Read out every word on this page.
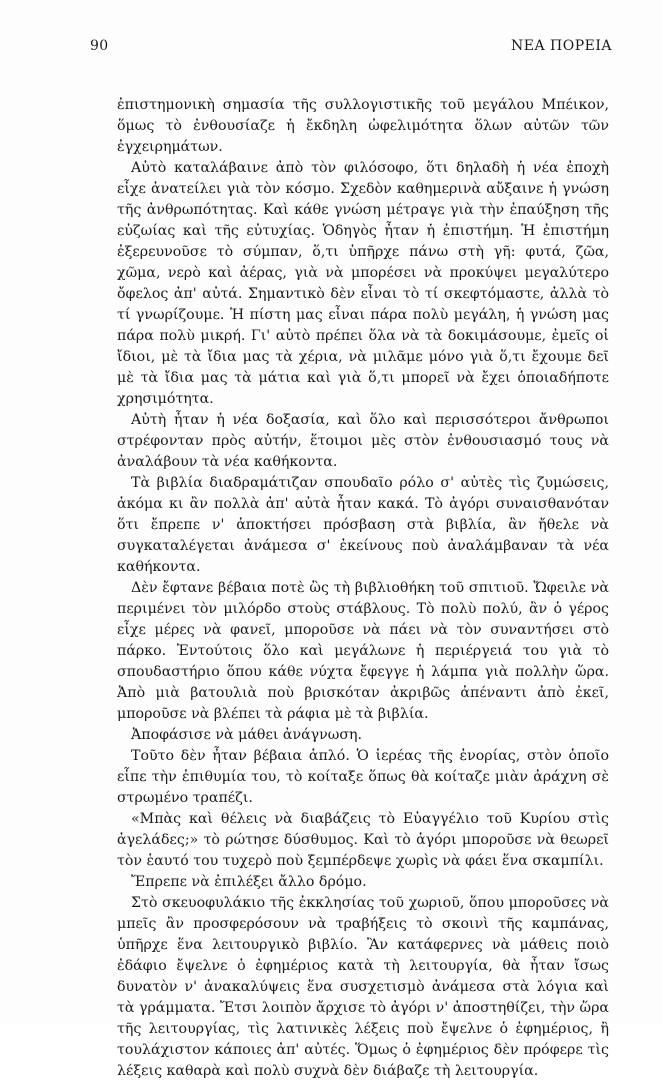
90	ΝΕΑ ΠΟΡΕΙΑ

ἐπιστημονικὴ σημασία τῆς συλλογιστικῆς τοῦ μεγάλου Μπέικον, ὅμως τὸ ἐνθουσίαζε ἡ ἔκδηλη ὠφελιμότητα ὅλων αὐτῶν τῶν ἐγχειρημάτων.

Αὐτὸ καταλάβαινε ἀπὸ τὸν φιλόσοφο, ὅτι δηλαδὴ ἡ νέα ἐποχὴ εἶχε ἀνατείλει γιὰ τὸν κόσμο. Σχεδὸν καθημερινὰ αὔξαινε ἡ γνώση τῆς ἀνθρωπότητας. Καὶ κάθε γνώση μέτραγε γιὰ τὴν ἐπαύξηση τῆς εὐζωίας καὶ τῆς εὐτυχίας. Ὁδηγὸς ἦταν ἡ ἐπιστήμη. Ἡ ἐπιστήμη ἐξερευνοῦσε τὸ σύμπαν, ὅ,τι ὑπῆρχε πάνω στὴ γῆ: φυτά, ζῶα, χῶμα, νερὸ καὶ ἀέρας, γιὰ νὰ μπορέσει νὰ προκύψει μεγαλύτερο ὄφελος ἀπ' αὐτά. Σημαντικὸ δὲν εἶναι τὸ τί σκεφτόμαστε, ἀλλὰ τὸ τί γνωρίζουμε. Ἡ πίστη μας εἶναι πάρα πολὺ μεγάλη, ἡ γνώση μας πάρα πολὺ μικρή. Γι' αὐτὸ πρέπει ὅλα νὰ τὰ δοκιμάσουμε, ἐμεῖς οἱ ἴδιοι, μὲ τὰ ἴδια μας τὰ χέρια, νὰ μιλᾶμε μόνο γιὰ ὅ,τι ἔχουμε δεῖ μὲ τὰ ἴδια μας τὰ μάτια καὶ γιὰ ὅ,τι μπορεῖ νὰ ἔχει ὁποιαδήποτε χρησιμότητα.

Αὐτὴ ἦταν ἡ νέα δοξασία, καὶ ὅλο καὶ περισσότεροι ἄνθρωποι στρέφονταν πρὸς αὐτήν, ἕτοιμοι μὲς στὸν ἐνθουσιασμό τους νὰ ἀναλάβουν τὰ νέα καθήκοντα.

Τὰ βιβλία διαδραμάτιζαν σπουδαῖο ρόλο σ' αὐτὲς τὶς ζυμώσεις, ἀκόμα κι ἂν πολλὰ ἀπ' αὐτὰ ἦταν κακά. Τὸ ἀγόρι συναισθανόταν ὅτι ἔπρεπε ν' ἀποκτήσει πρόσβαση στὰ βιβλία, ἂν ἤθελε νὰ συγκαταλέγεται ἀνάμεσα σ' ἐκείνους ποὺ ἀναλάμβαναν τὰ νέα καθήκοντα.

Δὲν ἔφτανε βέβαια ποτὲ ὣς τὴ βιβλιοθήκη τοῦ σπιτιοῦ. Ὤφειλε νὰ περιμένει τὸν μιλόρδο στοὺς στάβλους. Τὸ πολὺ πολύ, ἂν ὁ γέρος εἶχε μέρες νὰ φανεῖ, μποροῦσε νὰ πάει νὰ τὸν συναντήσει στὸ πάρκο. Ἐντούτοις ὅλο καὶ μεγάλωνε ἡ περιέργειά του γιὰ τὸ σπουδαστήριο ὅπου κάθε νύχτα ἔφεγγε ἡ λάμπα γιὰ πολλὴν ὥρα. Ἀπὸ μιὰ βατουλιὰ ποὺ βρισκόταν ἀκριβῶς ἀπέναντι ἀπὸ ἐκεῖ, μποροῦσε νὰ βλέπει τὰ ράφια μὲ τὰ βιβλία.

Ἀποφάσισε νὰ μάθει ἀνάγνωση.

Τοῦτο δὲν ἦταν βέβαια ἁπλό. Ὁ ἱερέας τῆς ἐνορίας, στὸν ὁποῖο εἶπε τὴν ἐπιθυμία του, τὸ κοίταξε ὅπως θὰ κοίταζε μιὰν ἀράχνη σὲ στρωμένο τραπέζι.

«Μπὰς καὶ θέλεις νὰ διαβάζεις τὸ Εὐαγγέλιο τοῦ Κυρίου στὶς ἀγελάδες;» τὸ ρώτησε δύσθυμος. Καὶ τὸ ἀγόρι μποροῦσε νὰ θεωρεῖ τὸν ἑαυτό του τυχερὸ ποὺ ξεμπέρδεψε χωρὶς νὰ φάει ἕνα σκαμπίλι.

Ἔπρεπε νὰ ἐπιλέξει ἄλλο δρόμο.

Στὸ σκευοφυλάκιο τῆς ἐκκλησίας τοῦ χωριοῦ, ὅπου μποροῦσες νὰ μπεῖς ἂν προσφερόσουν νὰ τραβήξεις τὸ σκοινὶ τῆς καμπάνας, ὑπῆρχε ἕνα λειτουργικὸ βιβλίο. Ἂν κατάφερνες νὰ μάθεις ποιὸ ἐδάφιο ἔψελνε ὁ ἐφημέριος κατὰ τὴ λειτουργία, θὰ ἦταν ἴσως δυνατὸν ν' ἀνακαλύψεις ἕνα συσχετισμὸ ἀνάμεσα στὰ λόγια καὶ τὰ γράμματα. Ἔτσι λοιπὸν ἄρχισε τὸ ἀγόρι ν' ἀποστηθίζει, τὴν ὥρα τῆς λειτουργίας, τὶς λατινικὲς λέξεις ποὺ ἔψελνε ὁ ἐφημέριος, ἢ τουλάχιστον κάποιες ἀπ' αὐτές. Ὅμως ὁ ἐφημέριος δὲν πρόφερε τὶς λέξεις καθαρὰ καὶ πολὺ συχνὰ δὲν διάβαζε τὴ λειτουργία.
